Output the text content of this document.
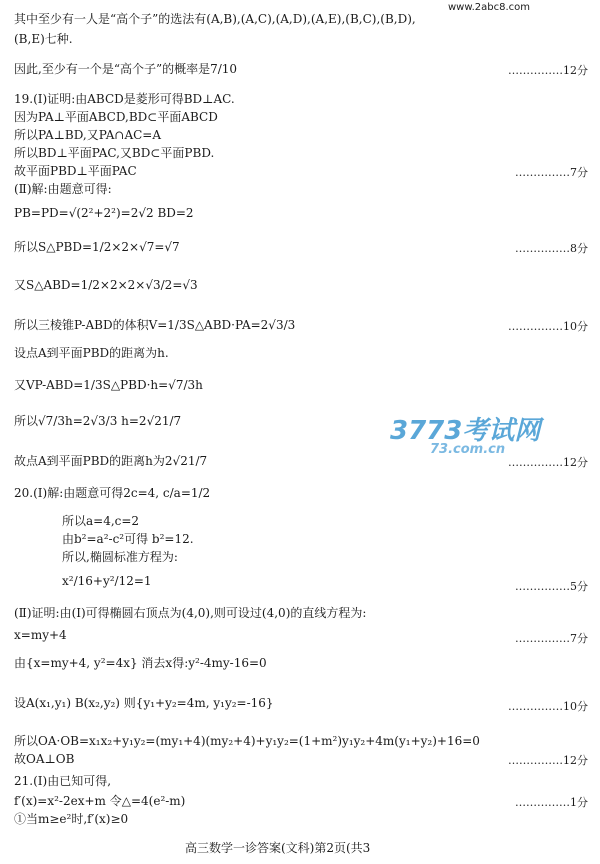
www.2abc8.com
其中至少有一人是“高个子”的选法有(A,B),(A,C),(A,D),(A,E),(B,C),(B,D),
(B,E)七种.
因此,至少有一个是“高个子”的概率是7/10
19.(Ⅰ)证明:由ABCD是菱形可得BD⊥AC.
因为PA⊥平面ABCD,BD⊂平面ABCD
所以PA⊥BD,又PA∩AC=A
所以BD⊥平面PAC,又BD⊂平面PBD.
故平面PBD⊥平面PAC
(Ⅱ)解:由题意可得:
PB=PD=√(2²+2²)=2√2 BD=2
所以S△PBD=1/2×2×√7=√7
又S△ABD=1/2×2×2×√3/2=√3
所以三棱锥P-ABD的体积V=1/3S△ABD·PA=2√3/3
设点A到平面PBD的距离为h.
又VP-ABD=1/3S△PBD·h=√7/3h
所以√7/3h=2√3/3 h=2√21/7
故点A到平面PBD的距离h为2√21/7
20.(Ⅰ)解:由题意可得2c=4, c/a=1/2
所以a=4,c=2
由b²=a²-c²可得 b²=12.
所以,椭圆标准方程为:
x²/16+y²/12=1
(Ⅱ)证明:由(Ⅰ)可得椭圆右顶点为(4,0),则可设过(4,0)的直线方程为:
x=my+4
由{x=my+4, y²=4x} 消去x得:y²-4my-16=0
设A(x₁,y₁) B(x₂,y₂) 则{y₁+y₂=4m, y₁y₂=-16}
所以OA·OB=x₁x₂+y₁y₂=(my₁+4)(my₂+4)+y₁y₂=(1+m²)y₁y₂+4m(y₁+y₂)+16=0
故OA⊥OB
21.(Ⅰ)由已知可得,
f′(x)=x²-2ex+m 令△=4(e²-m)
①当m≥e²时,f′(x)≥0
……………12分
……………7分
……………8分
……………10分
……………12分
……………5分
……………7分
……………10分
……………12分
……………1分
3773考试网
73.com.cn
高三数学一诊答案(文科)第2页(共3
